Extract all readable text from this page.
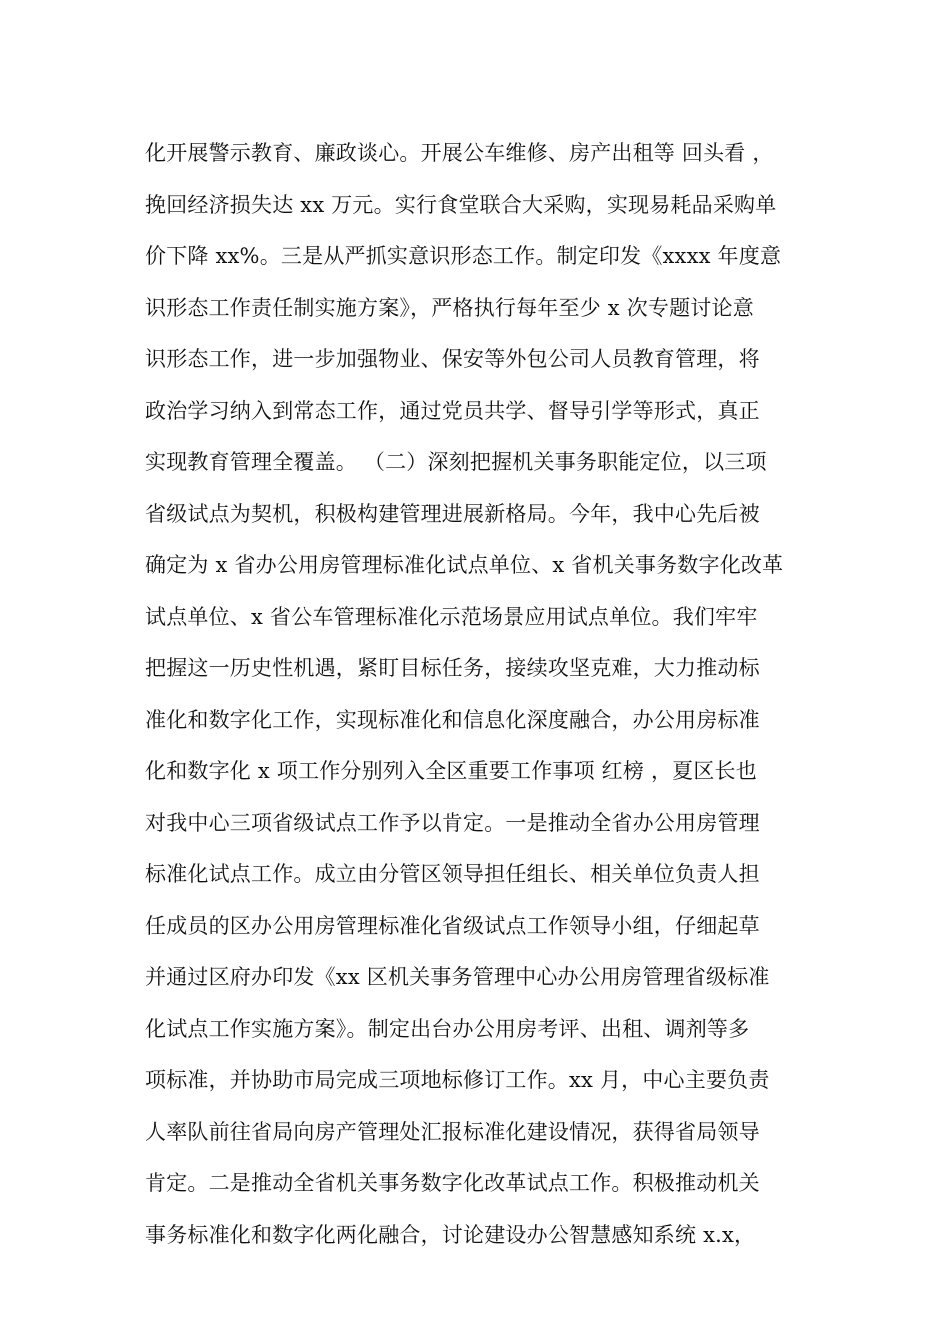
化开展警示教育、廉政谈心。开展公车维修、房产出租等 回头看 ，
挽回经济损失达 xx 万元。实行食堂联合大采购，实现易耗品采购单
价下降 xx%。三是从严抓实意识形态工作。制定印发《xxxx 年度意
识形态工作责任制实施方案》，严格执行每年至少 x 次专题讨论意
识形态工作，进一步加强物业、保安等外包公司人员教育管理，将
政治学习纳入到常态工作，通过党员共学、督导引学等形式，真正
实现教育管理全覆盖。 （二）深刻把握机关事务职能定位，以三项
省级试点为契机，积极构建管理进展新格局。今年，我中心先后被
确定为 x 省办公用房管理标准化试点单位、x 省机关事务数字化改革
试点单位、x 省公车管理标准化示范场景应用试点单位。我们牢牢
把握这一历史性机遇，紧盯目标任务，接续攻坚克难，大力推动标
准化和数字化工作，实现标准化和信息化深度融合，办公用房标准
化和数字化 x 项工作分别列入全区重要工作事项 红榜 ，夏区长也
对我中心三项省级试点工作予以肯定。一是推动全省办公用房管理
标准化试点工作。成立由分管区领导担任组长、相关单位负责人担
任成员的区办公用房管理标准化省级试点工作领导小组，仔细起草
并通过区府办印发《xx 区机关事务管理中心办公用房管理省级标准
化试点工作实施方案》。制定出台办公用房考评、出租、调剂等多
项标准，并协助市局完成三项地标修订工作。xx 月，中心主要负责
人率队前往省局向房产管理处汇报标准化建设情况，获得省局领导
肯定。二是推动全省机关事务数字化改革试点工作。积极推动机关
事务标准化和数字化两化融合，讨论建设办公智慧感知系统 x.x，
